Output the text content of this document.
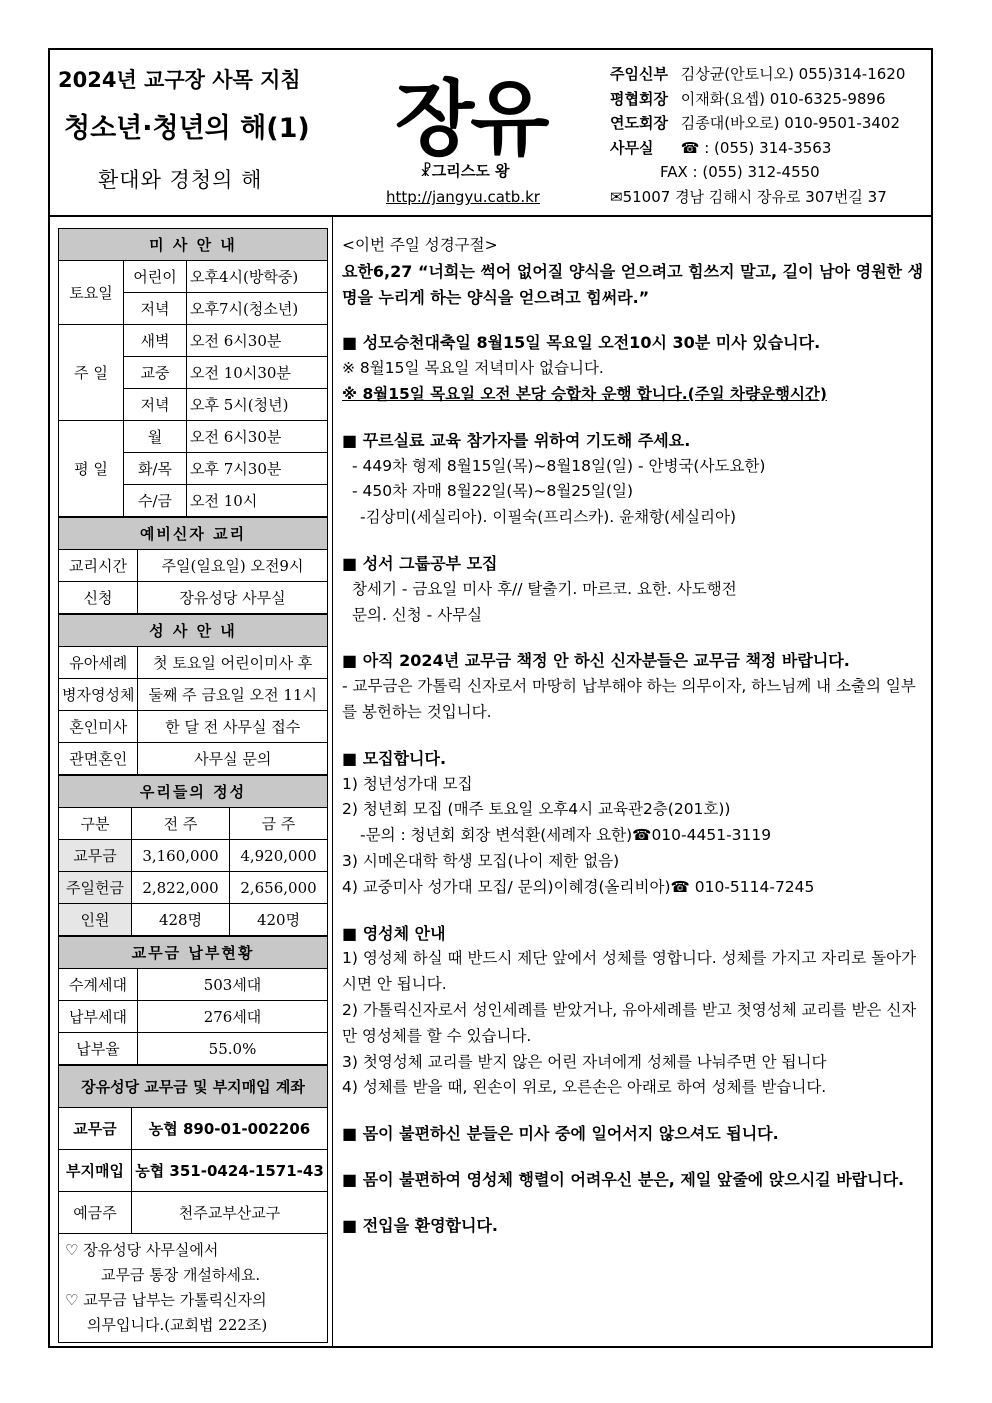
2024년 교구장 사목 지침
청소년·청년의 해(1)
환대와 경청의 해
장유
☧그리스도 왕
http://jangyu.catb.kr
주임신부 김상균(안토니오) 055)314-1620
평협회장 이재화(요셉) 010-6325-9896
연도회장 김종대(바오로) 010-9501-3402
사무실 ☎ : (055) 314-3563
FAX : (055) 312-4550
✉51007 경남 김해시 장유로 307번길 37
미 사 안 내		
토요일	어린이	오후4시(방학중)
	저녁	오후7시(청소년)
주 일	새벽	오전 6시30분
	교중	오전 10시30분
	저녁	오후 5시(청년)
평 일	월	오전 6시30분
	화/목	오후 7시30분
	수/금	오전 10시
예비신자 교리	
교리시간	주일(일요일) 오전9시
신청	장유성당 사무실
성 사 안 내	
유아세례	첫 토요일 어린이미사 후
병자영성체	둘째 주 금요일 오전 11시
혼인미사	한 달 전 사무실 접수
관면혼인	사무실 문의
우리들의 정성		
구분	전 주	금 주
교무금	3,160,000	4,920,000
주일헌금	2,822,000	2,656,000
인원	428명	420명
교무금 납부현황	
수계세대	503세대
납부세대	276세대
납부율	55.0%
장유성당 교무금 및 부지매입 계좌	
교무금	농협 890-01-002206
부지매입	농협 351-0424-1571-43
예금주	천주교부산교구
♡ 장유성당 사무실에서
교무금 통장 개설하세요.
♡ 교무금 납부는 가톨릭신자의
의무입니다.(교회법 222조)

<이번 주일 성경구절>

요한6,27 “너희는 썩어 없어질 양식을 얻으려고 힘쓰지 말고, 길이 남아 영원한 생명을 누리게 하는 양식을 얻으려고 힘써라.”

■ 성모승천대축일 8월15일 목요일 오전10시 30분 미사 있습니다.

※ 8월15일 목요일 저녁미사 없습니다.

※ 8월15일 목요일 오전 본당 승합차 운행 합니다.(주일 차량운행시간)

■ 꾸르실료 교육 참가자를 위하여 기도해 주세요.

- 449차 형제 8월15일(목)~8월18일(일) - 안병국(사도요한)

- 450차 자매 8월22일(목)~8월25일(일)

-김상미(세실리아). 이필숙(프리스카). 윤채항(세실리아)

■ 성서 그룹공부 모집

창세기 - 금요일 미사 후// 탈출기. 마르코. 요한. 사도행전

문의. 신청 - 사무실

■ 아직 2024년 교무금 책정 안 하신 신자분들은 교무금 책정 바랍니다.

- 교무금은 가톨릭 신자로서 마땅히 납부해야 하는 의무이자, 하느님께 내 소출의 일부를 봉헌하는 것입니다.

■ 모집합니다.

1) 청년성가대 모집

2) 청년회 모집 (매주 토요일 오후4시 교육관2층(201호))

-문의 : 청년회 회장 변석환(세례자 요한)☎010-4451-3119

3) 시메온대학 학생 모집(나이 제한 없음)

4) 교중미사 성가대 모집/ 문의)이혜경(올리비아)☎ 010-5114-7245

■ 영성체 안내

1) 영성체 하실 때 반드시 제단 앞에서 성체를 영합니다. 성체를 가지고 자리로 돌아가시면 안 됩니다.

2) 가톨릭신자로서 성인세례를 받았거나, 유아세례를 받고 첫영성체 교리를 받은 신자만 영성체를 할 수 있습니다.

3) 첫영성체 교리를 받지 않은 어린 자녀에게 성체를 나눠주면 안 됩니다

4) 성체를 받을 때, 왼손이 위로, 오른손은 아래로 하여 성체를 받습니다.

■ 몸이 불편하신 분들은 미사 중에 일어서지 않으셔도 됩니다.

■ 몸이 불편하여 영성체 행렬이 어려우신 분은, 제일 앞줄에 앉으시길 바랍니다.

■ 전입을 환영합니다.
